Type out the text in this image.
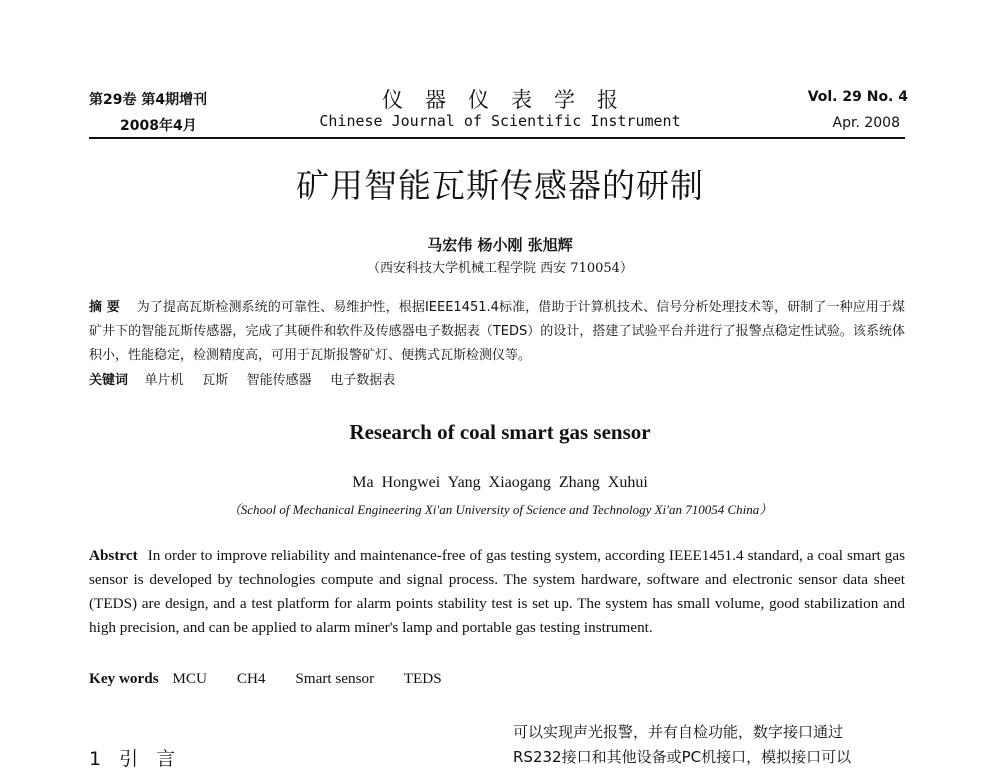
第29卷 第4期增刊
2008年4月
仪器仪表学报
Chinese Journal of Scientific Instrument
Vol. 29 No. 4
Apr. 2008
矿用智能瓦斯传感器的研制
马宏伟 杨小刚 张旭辉
（西安科技大学机械工程学院 西安 710054）
摘 要 为了提高瓦斯检测系统的可靠性、易维护性，根据IEEE1451.4标准，借助于计算机技术、信号分析处理技术等，研制了一种应用于煤矿井下的智能瓦斯传感器，完成了其硬件和软件及传感器电子数据表（TEDS）的设计，搭建了试验平台并进行了报警点稳定性试验。该系统体积小，性能稳定，检测精度高，可用于瓦斯报警矿灯、便携式瓦斯检测仪等。
关键词 单片机 瓦斯 智能传感器 电子数据表
Research of coal smart gas sensor
Ma Hongwei Yang Xiaogang Zhang Xuhui
（School of Mechanical Engineering Xi'an University of Science and Technology Xi'an 710054 China）
Abstrct In order to improve reliability and maintenance-free of gas testing system, according IEEE1451.4 standard, a coal smart gas sensor is developed by technologies compute and signal process. The system hardware, software and electronic sensor data sheet (TEDS) are design, and a test platform for alarm points stability test is set up. The system has small volume, good stabilization and high precision, and can be applied to alarm miner's lamp and portable gas testing instrument.
Key words MCU CH4 Smart sensor TEDS
1 引 言
可以实现声光报警，并有自检功能，数字接口通过
RS232接口和其他设备或PC机接口，模拟接口可以
